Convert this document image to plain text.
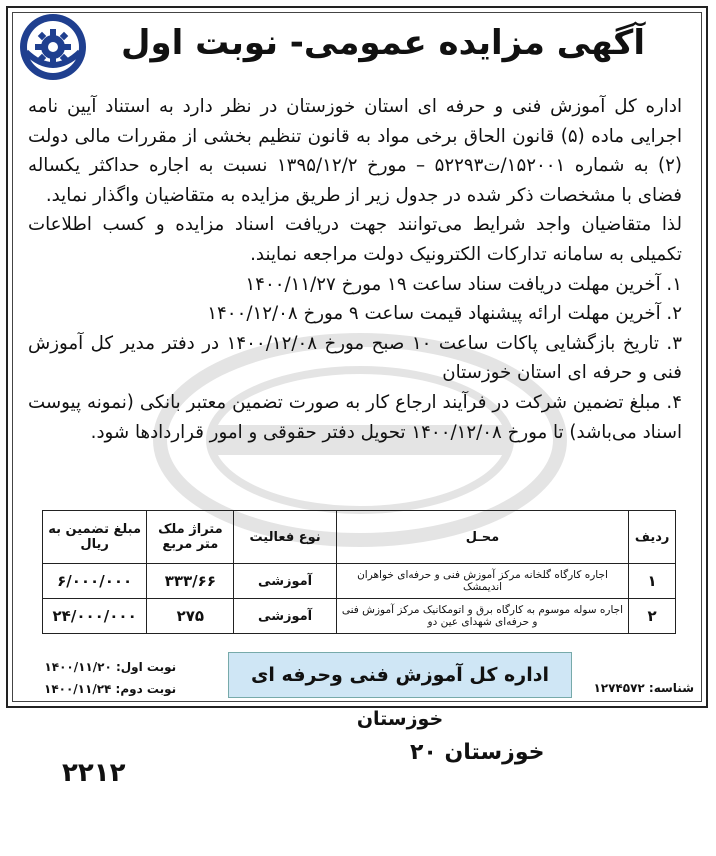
آگهی مزایده عمومی- نوبت اول

اداره کل آموزش فنی و حرفه ای استان خوزستان در نظر دارد به استناد آیین نامه اجرایی ماده (۵) قانون الحاق برخی مواد به قانون تنظیم بخشی از مقررات مالی دولت (۲) به شماره ۱۵۲۰۰۱/ت۵۲۲۹۳ – مورخ ۱۳۹۵/۱۲/۲ نسبت به اجاره حداکثر یکساله فضای با مشخصات ذکر شده در جدول زیر از طریق مزایده به متقاضیان واگذار نماید.

لذا متقاضیان واجد شرایط می‌توانند جهت دریافت اسناد مزایده و کسب اطلاعات تکمیلی به سامانه تدارکات الکترونیک دولت مراجعه نمایند.

۱. آخرین مهلت دریافت سناد ساعت ۱۹ مورخ ۱۴۰۰/۱۱/۲۷

۲. آخرین مهلت ارائه پیشنهاد قیمت ساعت ۹ مورخ ۱۴۰۰/۱۲/۰۸

۳. تاریخ بازگشایی پاکات ساعت ۱۰ صبح مورخ ۱۴۰۰/۱۲/۰۸ در دفتر مدیر کل آموزش فنی و حرفه ای استان خوزستان

۴. مبلغ تضمین شرکت در فرآیند ارجاع کار به صورت تضمین معتبر بانکی (نمونه پیوست اسناد می‌باشد) تا مورخ ۱۴۰۰/۱۲/۰۸ تحویل دفتر حقوقی و امور قراردادها شود.

ردیف	محـل	نوع فعالیت	متراژ ملک متر مربع	مبلغ تضمین به ریال
۱	اجاره کارگاه گلخانه مرکز آموزش فنی و حرفه‌ای خواهران اندیمشک	آموزشی	۳۳۳/۶۶	۶/۰۰۰/۰۰۰
۲	اجاره سوله موسوم به کارگاه برق و اتومکانیک مرکز آموزش فنی و حرفه‌ای شهدای عین دو	آموزشی	۲۷۵	۲۴/۰۰۰/۰۰۰
نوبت اول: ۱۴۰۰/۱۱/۲۰
نوبت دوم: ۱۴۰۰/۱۱/۲۴
اداره کل آموزش فنی وحرفه ای خوزستان
شناسه: ۱۲۷۴۵۷۲
خوزستان ۲۰
۲۲۱۲
